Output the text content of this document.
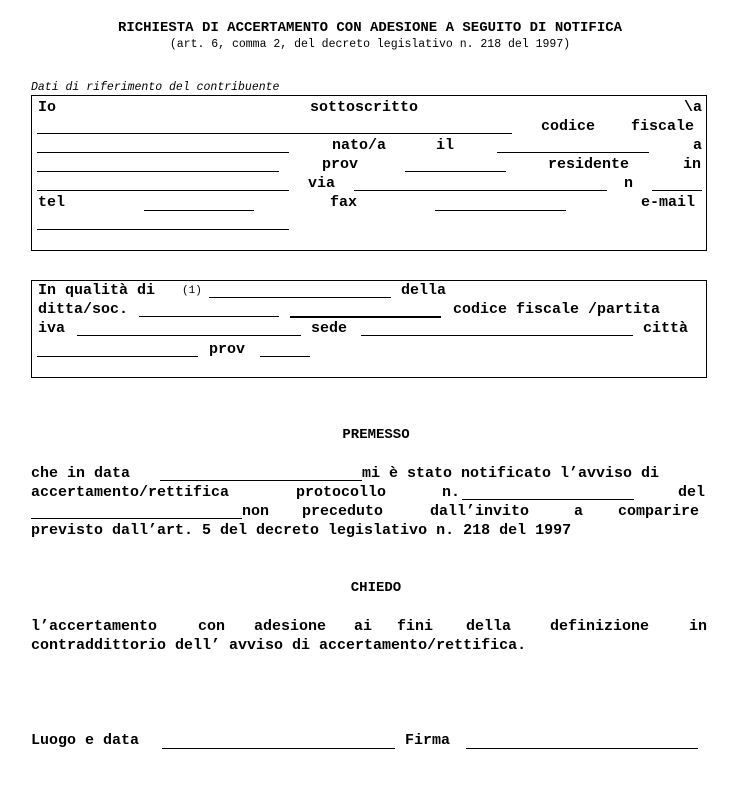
RICHIESTA DI ACCERTAMENTO CON ADESIONE A SEGUITO DI NOTIFICA
(art. 6, comma 2, del decreto legislativo n. 218 del 1997)
Dati di riferimento del contribuente
Io	sottoscritto	\a
codice fiscale
nato/a	il	a
prov	residente	in
via	n
tel	fax	e-mail
In qualità di (1)	della
ditta/soc.	codice fiscale /partita
iva	sede	città
prov
PREMESSO
che in data	mi è stato notificato l’avviso di
accertamento/rettifica	protocollo	n.	del
non preceduto	dall’invito	a comparire
previsto dall’art. 5 del decreto legislativo n. 218 del 1997
CHIEDO
l’accertamento	con adesione ai fini della	definizione	in
contraddittorio dell’ avviso di accertamento/rettifica.
Luogo e data	Firma
